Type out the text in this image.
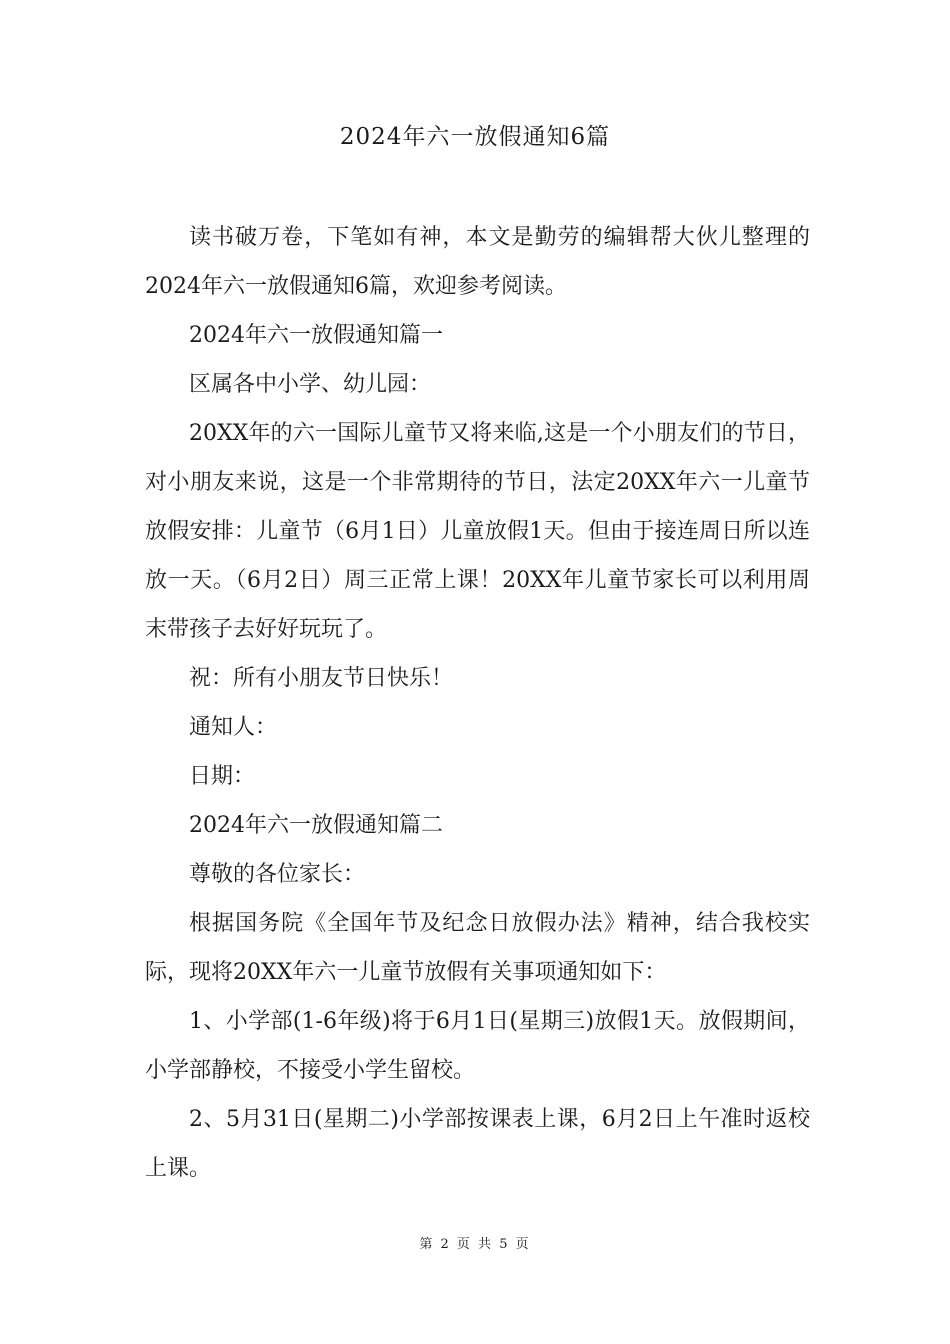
2024年六一放假通知6篇

读书破万卷，下笔如有神，本文是勤劳的编辑帮大伙儿整理的2024年六一放假通知6篇，欢迎参考阅读。

2024年六一放假通知篇一

区属各中小学、幼儿园：

20XX年的六一国际儿童节又将来临,这是一个小朋友们的节日，对小朋友来说，这是一个非常期待的节日，法定20XX年六一儿童节放假安排：儿童节（6月1日）儿童放假1天。但由于接连周日所以连放一天。（6月2日）周三正常上课！20XX年儿童节家长可以利用周末带孩子去好好玩玩了。

祝：所有小朋友节日快乐！

通知人：

日期：

2024年六一放假通知篇二

尊敬的各位家长：

根据国务院《全国年节及纪念日放假办法》精神，结合我校实际，现将20XX年六一儿童节放假有关事项通知如下：

1、小学部(1-6年级)将于6月1日(星期三)放假1天。放假期间，小学部静校，不接受小学生留校。

2、5月31日(星期二)小学部按课表上课，6月2日上午准时返校上课。

第 2 页 共 5 页
